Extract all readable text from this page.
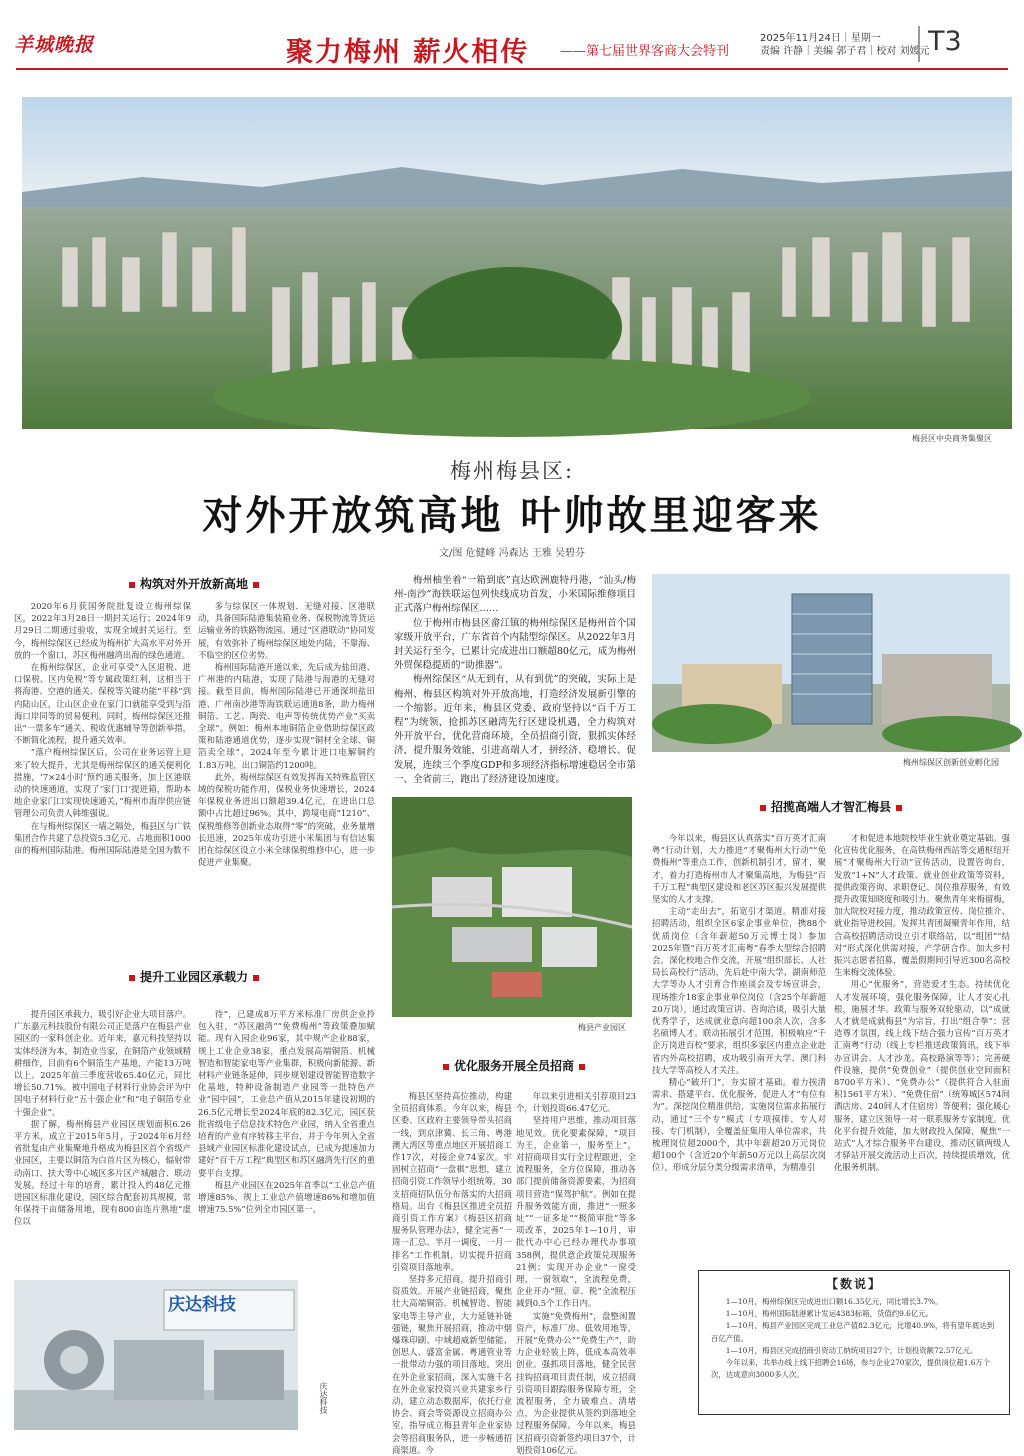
羊城晚报	聚力梅州 薪火相传 ——第七届世界客商大会特刊
2025年11月24日｜星期一
责编 许静｜美编 郭子君｜校对 刘媛元
T3
梅县区中央商务集聚区
梅州梅县区:
对外开放筑高地 叶帅故里迎客来
文/图 危健峰 冯森达 王雅 吴碧芬

梅州柚坐着“一箱到底”直达欧洲鹿特丹港，“汕头/梅州-南沙”海铁联运包列快线成功首发，小米国际维修项目正式落户梅州综保区……

位于梅州市梅县区畲江镇的梅州综保区是梅州首个国家级开放平台，广东省首个内陆型综保区。从2022年3月封关运行至今，已累计完成进出口额超80亿元，成为梅州外贸保稳提质的“助推器”。

梅州综保区“从无到有，从有到优”的突破，实际上是梅州、梅县区构筑对外开放高地，打造经济发展新引擎的一个缩影。近年来，梅县区党委、政府坚持以“百千万工程”为统领，抢抓苏区融湾先行区建设机遇，全力构筑对外开放平台，优化营商环境，全员招商引资，狠抓实体经济，提升服务效能，引进高端人才，拼经济、稳增长、促发展，连续三个季度GDP和多项经济指标增速稳居全市第一、全省前三，跑出了经济建设加速度。

构筑对外开放新高地

2020年6月获国务院批复设立梅州综保区，2022年3月28日一期封关运行；2024年9月29日二期通过验收，实现全域封关运行。至今，梅州综保区已经成为梅州扩大高水平对外开放的一个窗口，苏区梅州融湾出海的绿色通道。

在梅州综保区，企业可享受“入区退税、进口保税、区内免税”等专属政策红利，这相当于将海港、空港的通关、保税等关键功能“平移”到内陆山区，让山区企业在家门口就能享受到与沿海口岸同等的贸易便利。同时，梅州综保区还推出“一票多车”通关、税收优惠辅导等创新举措，不断简化流程，提升通关效率。

“落户梅州综保区后，公司在业务运营上迎来了较大提升，尤其是梅州综保区的通关便利化措施，‘7×24小时’预约通关服务，加上区港联动的快速通道，实现了‘家门口’提进箱，帮助本地企业家门口实现快速通关，”梅州市海岸供应链管理公司负责人韩维强说。

在与梅州综保区一墙之隔处，梅县区与广铁集团合作共建了总投资5.3亿元、占地面积1000亩的梅州国际陆港。梅州国际陆港是全国为数不

多与综保区一体规划、无缝对接、区港联动，具备国际陆港集装箱业务、保税物流等货运运输业务的铁路物流园。通过“区港联动”协同发展，有效弥补了梅州综保区地处内陆，不靠海、不临空的区位劣势。

梅州国际陆港开通以来，先后成为盐田港、广州港的内陆港，实现了陆港与海港的无缝对接。截至目前，梅州国际陆港已开通深圳盐田港、广州南沙港等海铁联运通道8条，助力梅州铜箔、工艺、陶瓷、电声等传统优势产业“买卖全球”。例如：梅州本地铜箔企业借助综保区政策和陆港通道优势，逐步实现“铜材全全球、铜箔卖全球”，2024年至今累计进口电解铜约1.83万吨，出口铜箔约1200吨。

此外，梅州综保区有效发挥海关特殊监管区域的保税功能作用，保税业务快速增长，2024年保税业务进出口额超39.4亿元，在进出口总额中占比超过96%。其中，跨境电商“1210”、保税维修等创新业态取得“零”的突破，业务量增长迅速，2025年成功引进小米集团与有信达集团在综保区设立小米全球保税维修中心，进一步促进产业集聚。

梅州综保区创新创业孵化园
梅县产业园区
提升工业园区承载力

提升园区承载力，吸引好企业大项目落户。广东嘉元科技股份有限公司正是落户在梅县产业园区的一家科创企业。近年来，嘉元科技坚持以实体经济为本，制造业当家，在铜箔产业领域精耕细作，目前有6个铜箔生产基地，产能13万吨以上。2025年前三季度营收65.40亿元，同比增长50.71%。被中国电子材料行业协会评为中国电子材料行业“五十强企业”和“电子铜箔专业十强企业”。

据了解，梅州梅县产业园区规划面积6.26平方米，成立于2015年5月，于2024年6月经省批复由产业集聚地升格成为梅县区首个省级产业园区，主要以铜箔为白首片区为核心，辐射带动南口、扶大等中心城区多片区产城融合、联动发展。经过十年的培育，累计投入约48亿元推进园区标准化建设，园区综合配套初具规模，常年保持干亩储备用地，现有800亩连片熟地“虚位以

待”，已建成8万平方米标准厂房供企业拎包入驻，“苏区融湾”“免费梅州”等政策叠加赋能。现有入园企业96家，其中规产企业88家，规上工业企业38家，重点发展高端铜箔、机械智造和智能家电等产业集群，积极向新能源、新材料产业链条延伸，同步规划建设智能智造数字化基地，特种设备制造产业园等一批特色产业“园中园”，工业总产值从2015年建设初期的26.5亿元增长至2024年底的82.3亿元，园区获批省级电子信息技术特色产业园，纳入全省重点培育的产业有序转移主平台，并于今年列入全省县域产业园区标准化建设试点，已成为提速加力建好“百千万工程”典型区和苏区融湾先行区的重要平台支撑。

梅县产业园区在2025年首季以“工业总产值增速85%、规上工业总产值增速86%和增加值增速75.5%”位列全市园区第一。

庆达科技
庆达科技
优化服务开展全员招商

梅县区坚持高位推动，构建全员招商体系。今年以来，梅县区委、区政府主要领导带头招商一线，到京津冀、长三角、粤港澳大湾区等重点地区开展招商工作17次，对接企业74家次。牢固树立招商“一盘棋”思想，建立招商引资工作领导小组统筹，30支招商招队伍分布落实的大招商格局。出台《梅县区推进全员招商引资工作方案》《梅县区招商服务队管理办法》，健全完善“一周一汇总、半月一调度，一月一排名”工作机制，切实提升招商引资项目落地率。

坚持多元招商，提升招商引资质效。开展产业链招商，聚焦壮大高端铜箔、机械智造、智能家电等主导产业，大力延链补链强链，聚焦开展招商，推动中烟爆珠印刷、中域超威新型储能、创思人、盛富金属、粤通管业等一批带动力强的项目落地。突出在外企业家招商，深入实施千名在外企业家投资兴业共建家乡行动，建立动态数据库，依托行业协会、商会等资源设立招商办公室，指导成立梅县青年企业家协会等招商服务队，进一步畅通招商渠道。今

年以来引进相关引荐项目23个，计划投资66.47亿元。

坚持用户思维，推动项目落地见效。优化要素保障，“项目为王，企业第一，服务至上”，对招商项目实行全过程跟进，全流程服务，全方位保障，推动各部门提前储备资源要素，为招商项目营造“保驾护航”。例如在提升服务效能方面，推进“一照多址”“一证多址”“极简审批”等多项改革，2025年1—10月，审批代办中心已经办理代办事项358例，提供意企政策兑现服务21例；实现开办企业“一窗受理，一窗领取”，全流程免费，企业开办“照、章、税”全流程压减到0.5个工作日内。

实施“免费梅州”，盘整闲置资产，标准厂房、低效用地等，开展“免费办公”“免费生产”，助力企业轻装上阵，低成本高效率创业。强抓项目落地，健全民营挂钩招商项目责任制，成立招商引资项目跟踪服务保障专班，全流程服务，全力破难点、清堵点，为企业提供从签约到落地全过程服务保障。今年以来，梅县区招商引资新签约项目37个，计划投资106亿元。

招揽高端人才智汇梅县

今年以来，梅县区认真落实“百万英才汇南粤”行动计划，大力推进“才聚梅州大行动”“免费梅州”等重点工作，创新机制引才，留才，聚才，着力打造梅州市人才聚集高地，为梅县“百千万工程”典型区建设和老区苏区振兴发展提供坚实的人才支撑。

主动“走出去”，拓宽引才渠道。精准对接招聘活动，组织全区6家企事业单位，携88个优质岗位（含年薪超50万元博士岗）参加2025年暨“百万英才汇南粤”春季大型综合招聘会。深化校地合作交流，开展“组织部长、人社局长高校行”活动，先后赴中南大学、湖南师范大学等办人才引育合作座谈会及专场宣讲会，现场推介18家企事业单位岗位（含25个年薪超20万岗），通过政策宣讲、咨询洽谈，吸引大量优秀学子，达成就业意向超100余人次，含多名硕博人才。联动拓展引才范围，积极响应“千企万岗进百校”要求，组织多家区内重点企业赴省内外高校招聘，成功吸引南开大学、澳门科技大学等高校人才关注。

精心“破开门”，夯实留才基础。着力挨清需求、搭建平台、优化服务，促进人才“有位有为”。深挖岗位精准供给，实施岗位需求拓展行动，通过“三个专”模式（专项摸排、专人对接、专门机制），全覆盖征集用人单位需求，共梳理岗位超2000个，其中年薪超20万元岗位超100个（含近20个年薪50万元以上高层次岗位），形成分层分类分级需求清单，为精准引

才和促进本地院校毕业生就业奠定基础。强化宣传优化服务，在高铁梅州西站等交通枢纽开展“才聚梅州大行动”宣传活动，设置咨询台，发放“1+N”人才政策、就业创业政策等资料，提供政策咨询、求职登记、岗位推荐服务，有效提升政策知晓度和吸引力。聚焦青年来梅留梅，加大院校对接力度，推动政策宣传、岗位推介、就业指导进校园。发挥共青团凝聚青年作用，结合高校招聘活动设立引才联络站，以“组团”“结对”形式深化供需对接，产学研合作。加大乡村振兴志愿者招募，覆盖假期间引导近300名高校生来梅交流体验。

用心“优服务”，营造爱才生态。持续优化人才发展环境，强化服务保障，让人才安心扎根，施展才华。政策与服务双轮驱动，以“成就人才就是成就梅县”为宗旨，打出“组合拳”：营造尊才氛围，线上线下结合强力宣传“百万英才汇南粤”行动（线上专栏推送政策简讯，线下举办宣讲会、人才沙龙、高校路演等等）；完善硬件设施，提供“免费创业”（提供创业空间面积8700平方米）、“免费办公”（提供符合入驻面积1561平方米）、“免费住宿”（统筹城区574间酒店房、240间人才住宿房）等便利；强化暖心服务，建立区领导一对一联系服务专家制度。优化平台提升效能，加大财政投入保障，聚焦“一站式”人才综合服务平台建设，推动区镇两级人才驿站开展交流活动上百次，持续提质增效，优化服务机制。

【数说】

1—10月，梅州综保区完成进出口额16.35亿元，同比增长3.7%。

1—10月，梅州国际陆港累计发运4383标箱，货值约9.6亿元。

1—10月，梅县产业园区完成工业总产值82.3亿元，比增40.9%，将有望年底达到百亿产值。

1—10月，梅县区完成招商引资动工纳统项目27个，计划投资额72.57亿元。

今年以来，共举办线上线下招聘会16场，参与企业270家次，提供岗位超1.6万个次，达成意向3000多人次。
